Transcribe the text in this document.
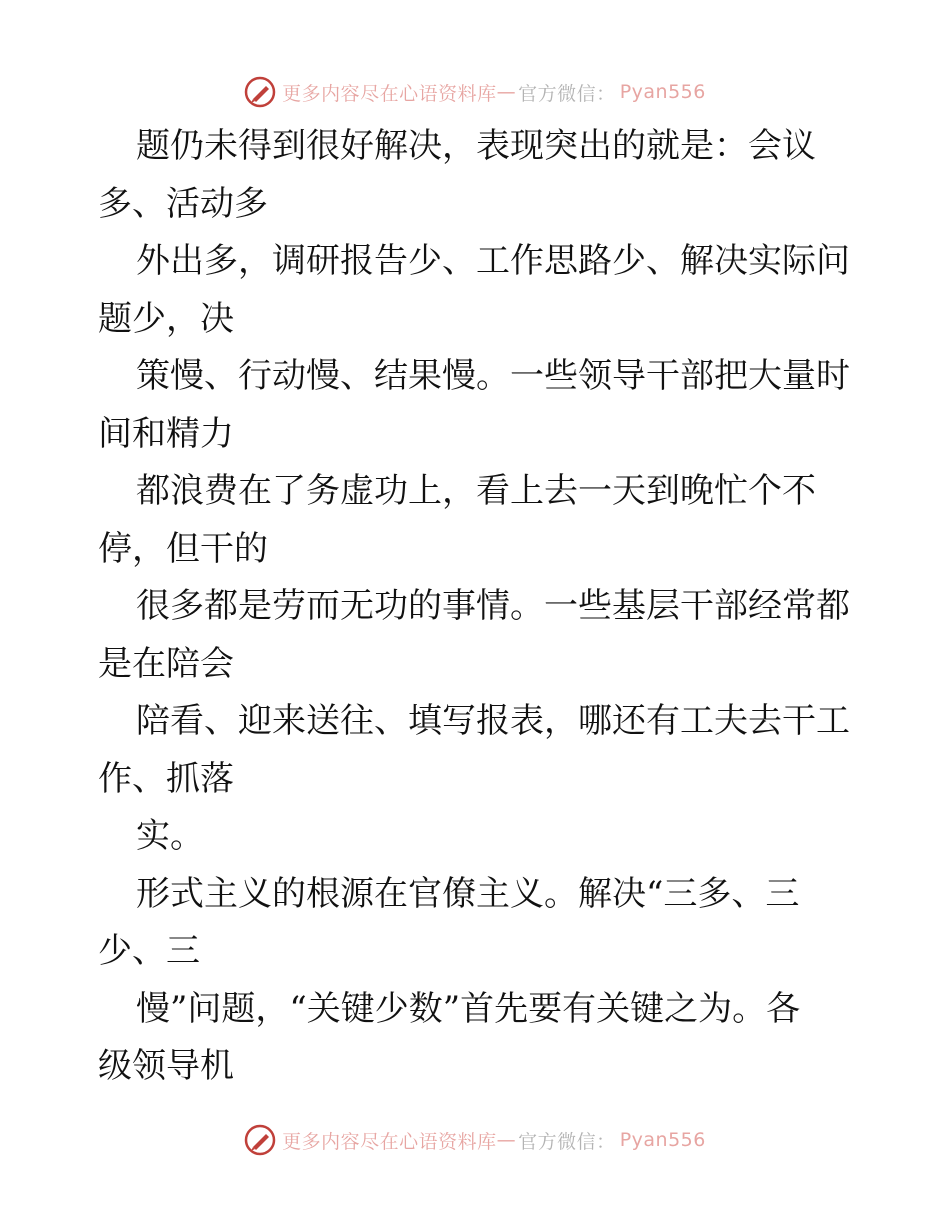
更多内容尽在心语资料库 — 官方微信： Pyan556
题仍未得到很好解决，表现突出的就是：会议
多、活动多
外出多，调研报告少、工作思路少、解决实际问
题少，决
策慢、行动慢、结果慢。一些领导干部把大量时
间和精力
都浪费在了务虚功上，看上去一天到晚忙个不
停，但干的
很多都是劳而无功的事情。一些基层干部经常都
是在陪会
陪看、迎来送往、填写报表，哪还有工夫去干工
作、抓落
实。
形式主义的根源在官僚主义。解决“三多、三
少、三
慢”问题，“关键少数”首先要有关键之为。各
级领导机
更多内容尽在心语资料库 — 官方微信： Pyan556
